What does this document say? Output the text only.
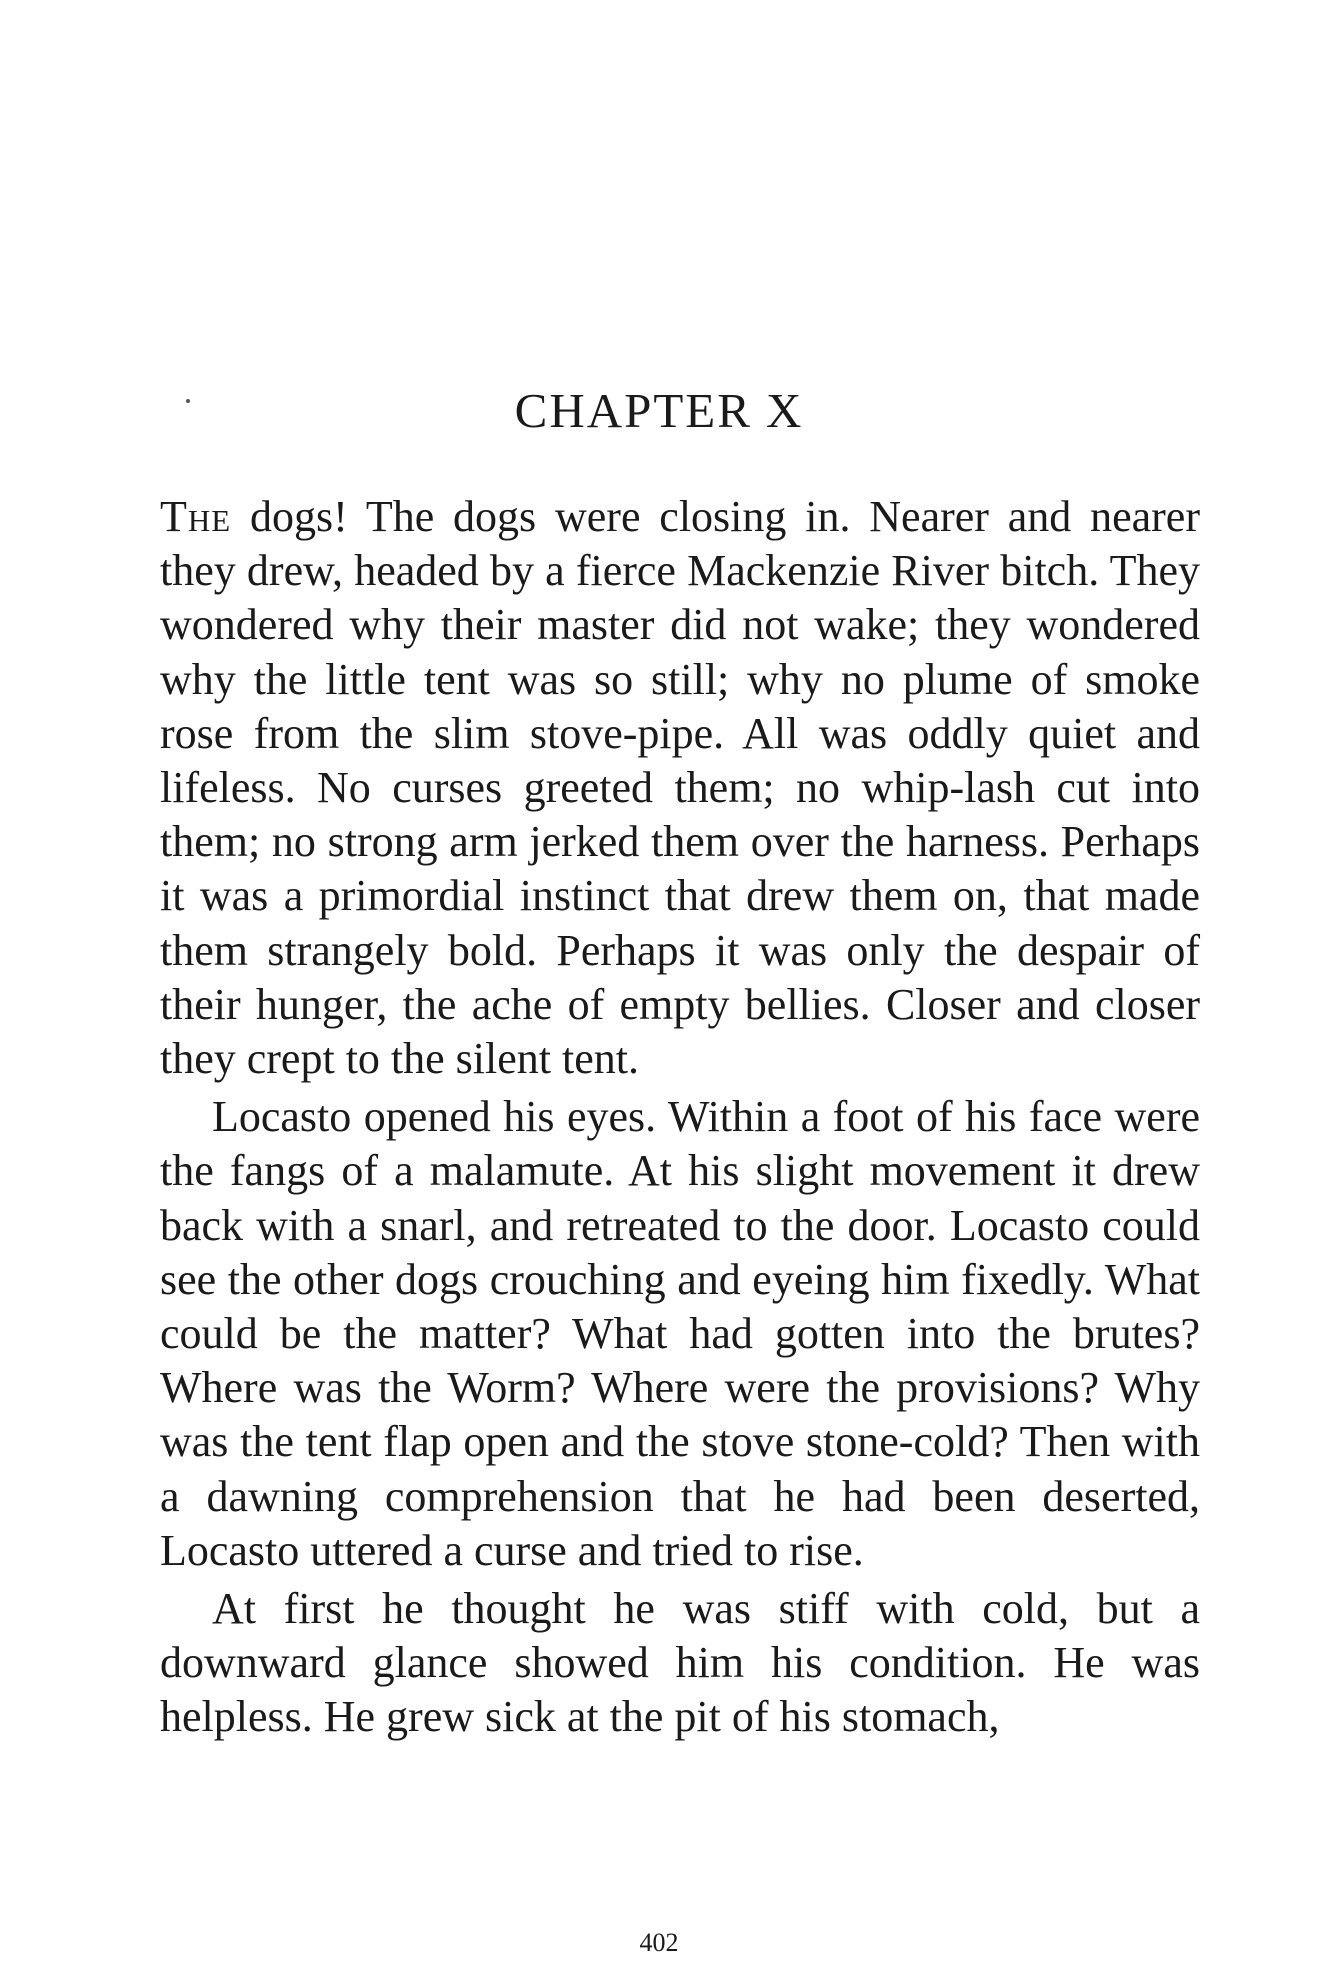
CHAPTER X

The dogs! The dogs were closing in. Nearer and nearer they drew, headed by a fierce Mackenzie River bitch. They wondered why their master did not wake; they wondered why the little tent was so still; why no plume of smoke rose from the slim stove-pipe. All was oddly quiet and lifeless. No curses greeted them; no whip-lash cut into them; no strong arm jerked them over the harness. Perhaps it was a primordial instinct that drew them on, that made them strangely bold. Perhaps it was only the despair of their hunger, the ache of empty bellies. Closer and closer they crept to the silent tent.

Locasto opened his eyes. Within a foot of his face were the fangs of a malamute. At his slight movement it drew back with a snarl, and retreated to the door. Locasto could see the other dogs crouching and eyeing him fixedly. What could be the matter? What had gotten into the brutes? Where was the Worm? Where were the provisions? Why was the tent flap open and the stove stone-cold? Then with a dawning comprehension that he had been deserted, Locasto uttered a curse and tried to rise.

At first he thought he was stiff with cold, but a downward glance showed him his condition. He was helpless. He grew sick at the pit of his stomach,

402
